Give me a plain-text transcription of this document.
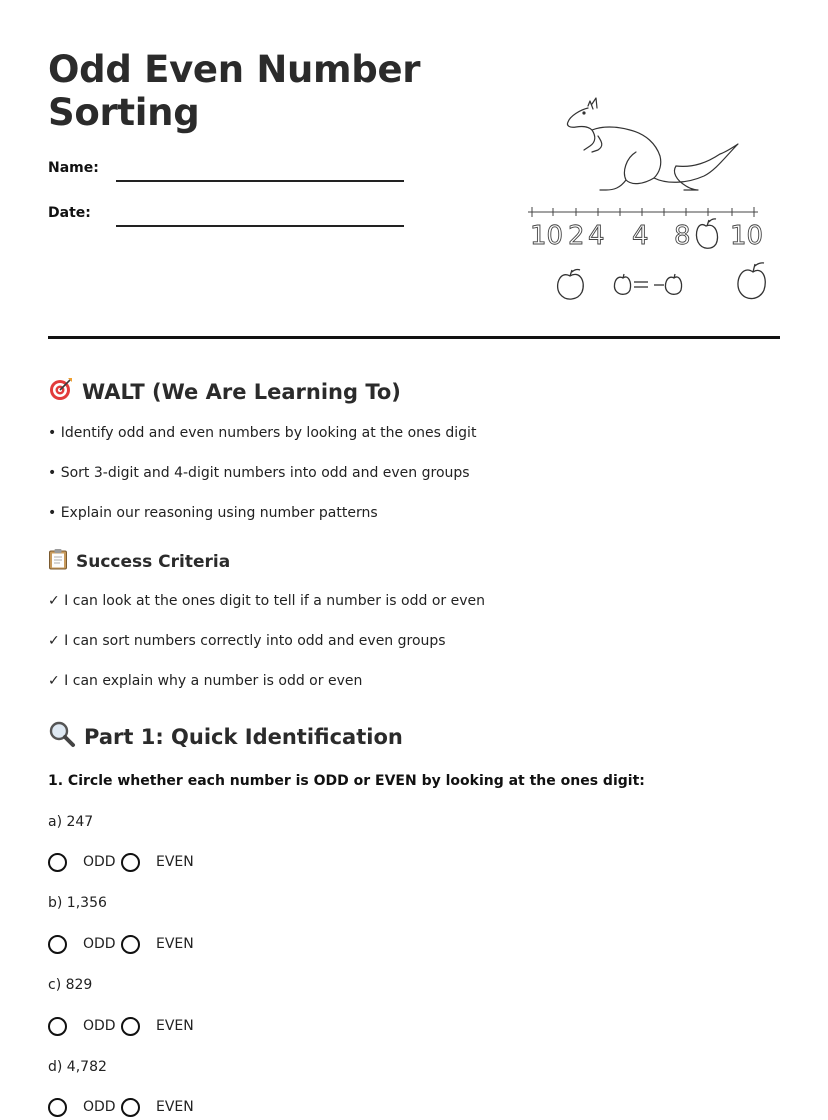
Odd Even Number Sorting
Name:
Date:
10 2 4 4 8 10
WALT (We Are Learning To)
• Identify odd and even numbers by looking at the ones digit
• Sort 3-digit and 4-digit numbers into odd and even groups
• Explain our reasoning using number patterns
Success Criteria
✓ I can look at the ones digit to tell if a number is odd or even
✓ I can sort numbers correctly into odd and even groups
✓ I can explain why a number is odd or even
Part 1: Quick Identification
1. Circle whether each number is ODD or EVEN by looking at the ones digit:
a) 247
ODD	EVEN
b) 1,356
ODD	EVEN
c) 829
ODD	EVEN
d) 4,782
ODD	EVEN
